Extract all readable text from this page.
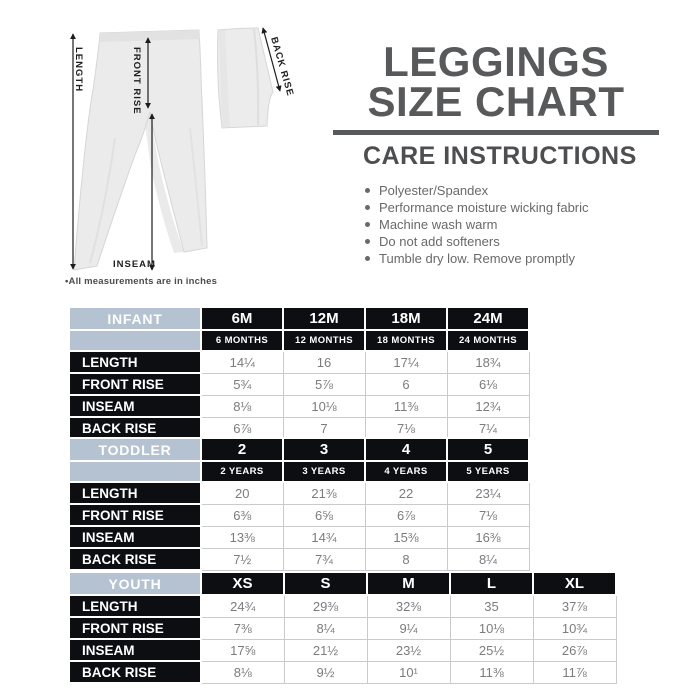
LENGTH	FRONT RISE
INSEAM
BACK RISE
•All measurements are in inches
LEGGINGS
SIZE CHART
CARE INSTRUCTIONS
Polyester/Spandex
Performance moisture wicking fabric
Machine wash warm
Do not add softeners
Tumble dry low. Remove promptly
INFANT	6M	12M	18M	24M
	6 MONTHS	12 MONTHS	18 MONTHS	24 MONTHS
LENGTH	14¼	16	17¼	18¾
FRONT RISE	5¾	5⅞	6	6⅛
INSEAM	8⅛	10⅛	11⅜	12¾
BACK RISE	6⅞	7	7⅛	7¼
TODDLER	2	3	4	5
	2 YEARS	3 YEARS	4 YEARS	5 YEARS
LENGTH	20	21⅜	22	23¼
FRONT RISE	6⅜	6⅝	6⅞	7⅛
INSEAM	13⅜	14¾	15⅜	16⅜
BACK RISE	7½	7¾	8	8¼
YOUTH	XS	S	M	L	XL
LENGTH	24¾	29⅜	32⅜	35	37⅞
FRONT RISE	7⅜	8¼	9¼	10⅛	10¾
INSEAM	17⅝	21½	23½	25½	26⅞
BACK RISE	8⅛	9½	10¹	11⅜	11⅞
